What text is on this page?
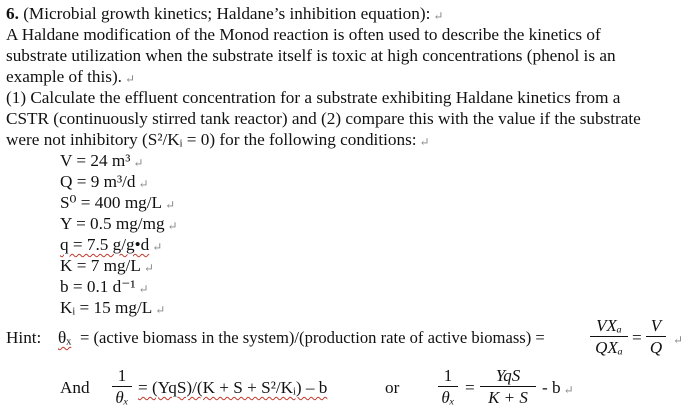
6. (Microbial growth kinetics; Haldane’s inhibition equation): ↵
A Haldane modification of the Monod reaction is often used to describe the kinetics of
substrate utilization when the substrate itself is toxic at high concentrations (phenol is an
example of this). ↵
(1) Calculate the effluent concentration for a substrate exhibiting Haldane kinetics from a
CSTR (continuously stirred tank reactor) and (2) compare this with the value if the substrate
were not inhibitory (S²/Kᵢ = 0) for the following conditions: ↵
V = 24 m³ ↵
Q = 9 m³/d ↵
S⁰ = 400 mg/L ↵
Y = 0.5 mg/mg ↵
q = 7.5 g/g•d ↵
K = 7 mg/L ↵
b = 0.1 d⁻¹ ↵
Kᵢ = 15 mg/L ↵
Hint: θₓ = (active biomass in the system)/(production rate of active biomass) =
VXₐ
QXₐ
=
V
Q ↵
And
1
θₓ
= (YqS)/(K + S + S²/Kᵢ) – b	or
1
θₓ
=
YqS
K + S
- b ↵
